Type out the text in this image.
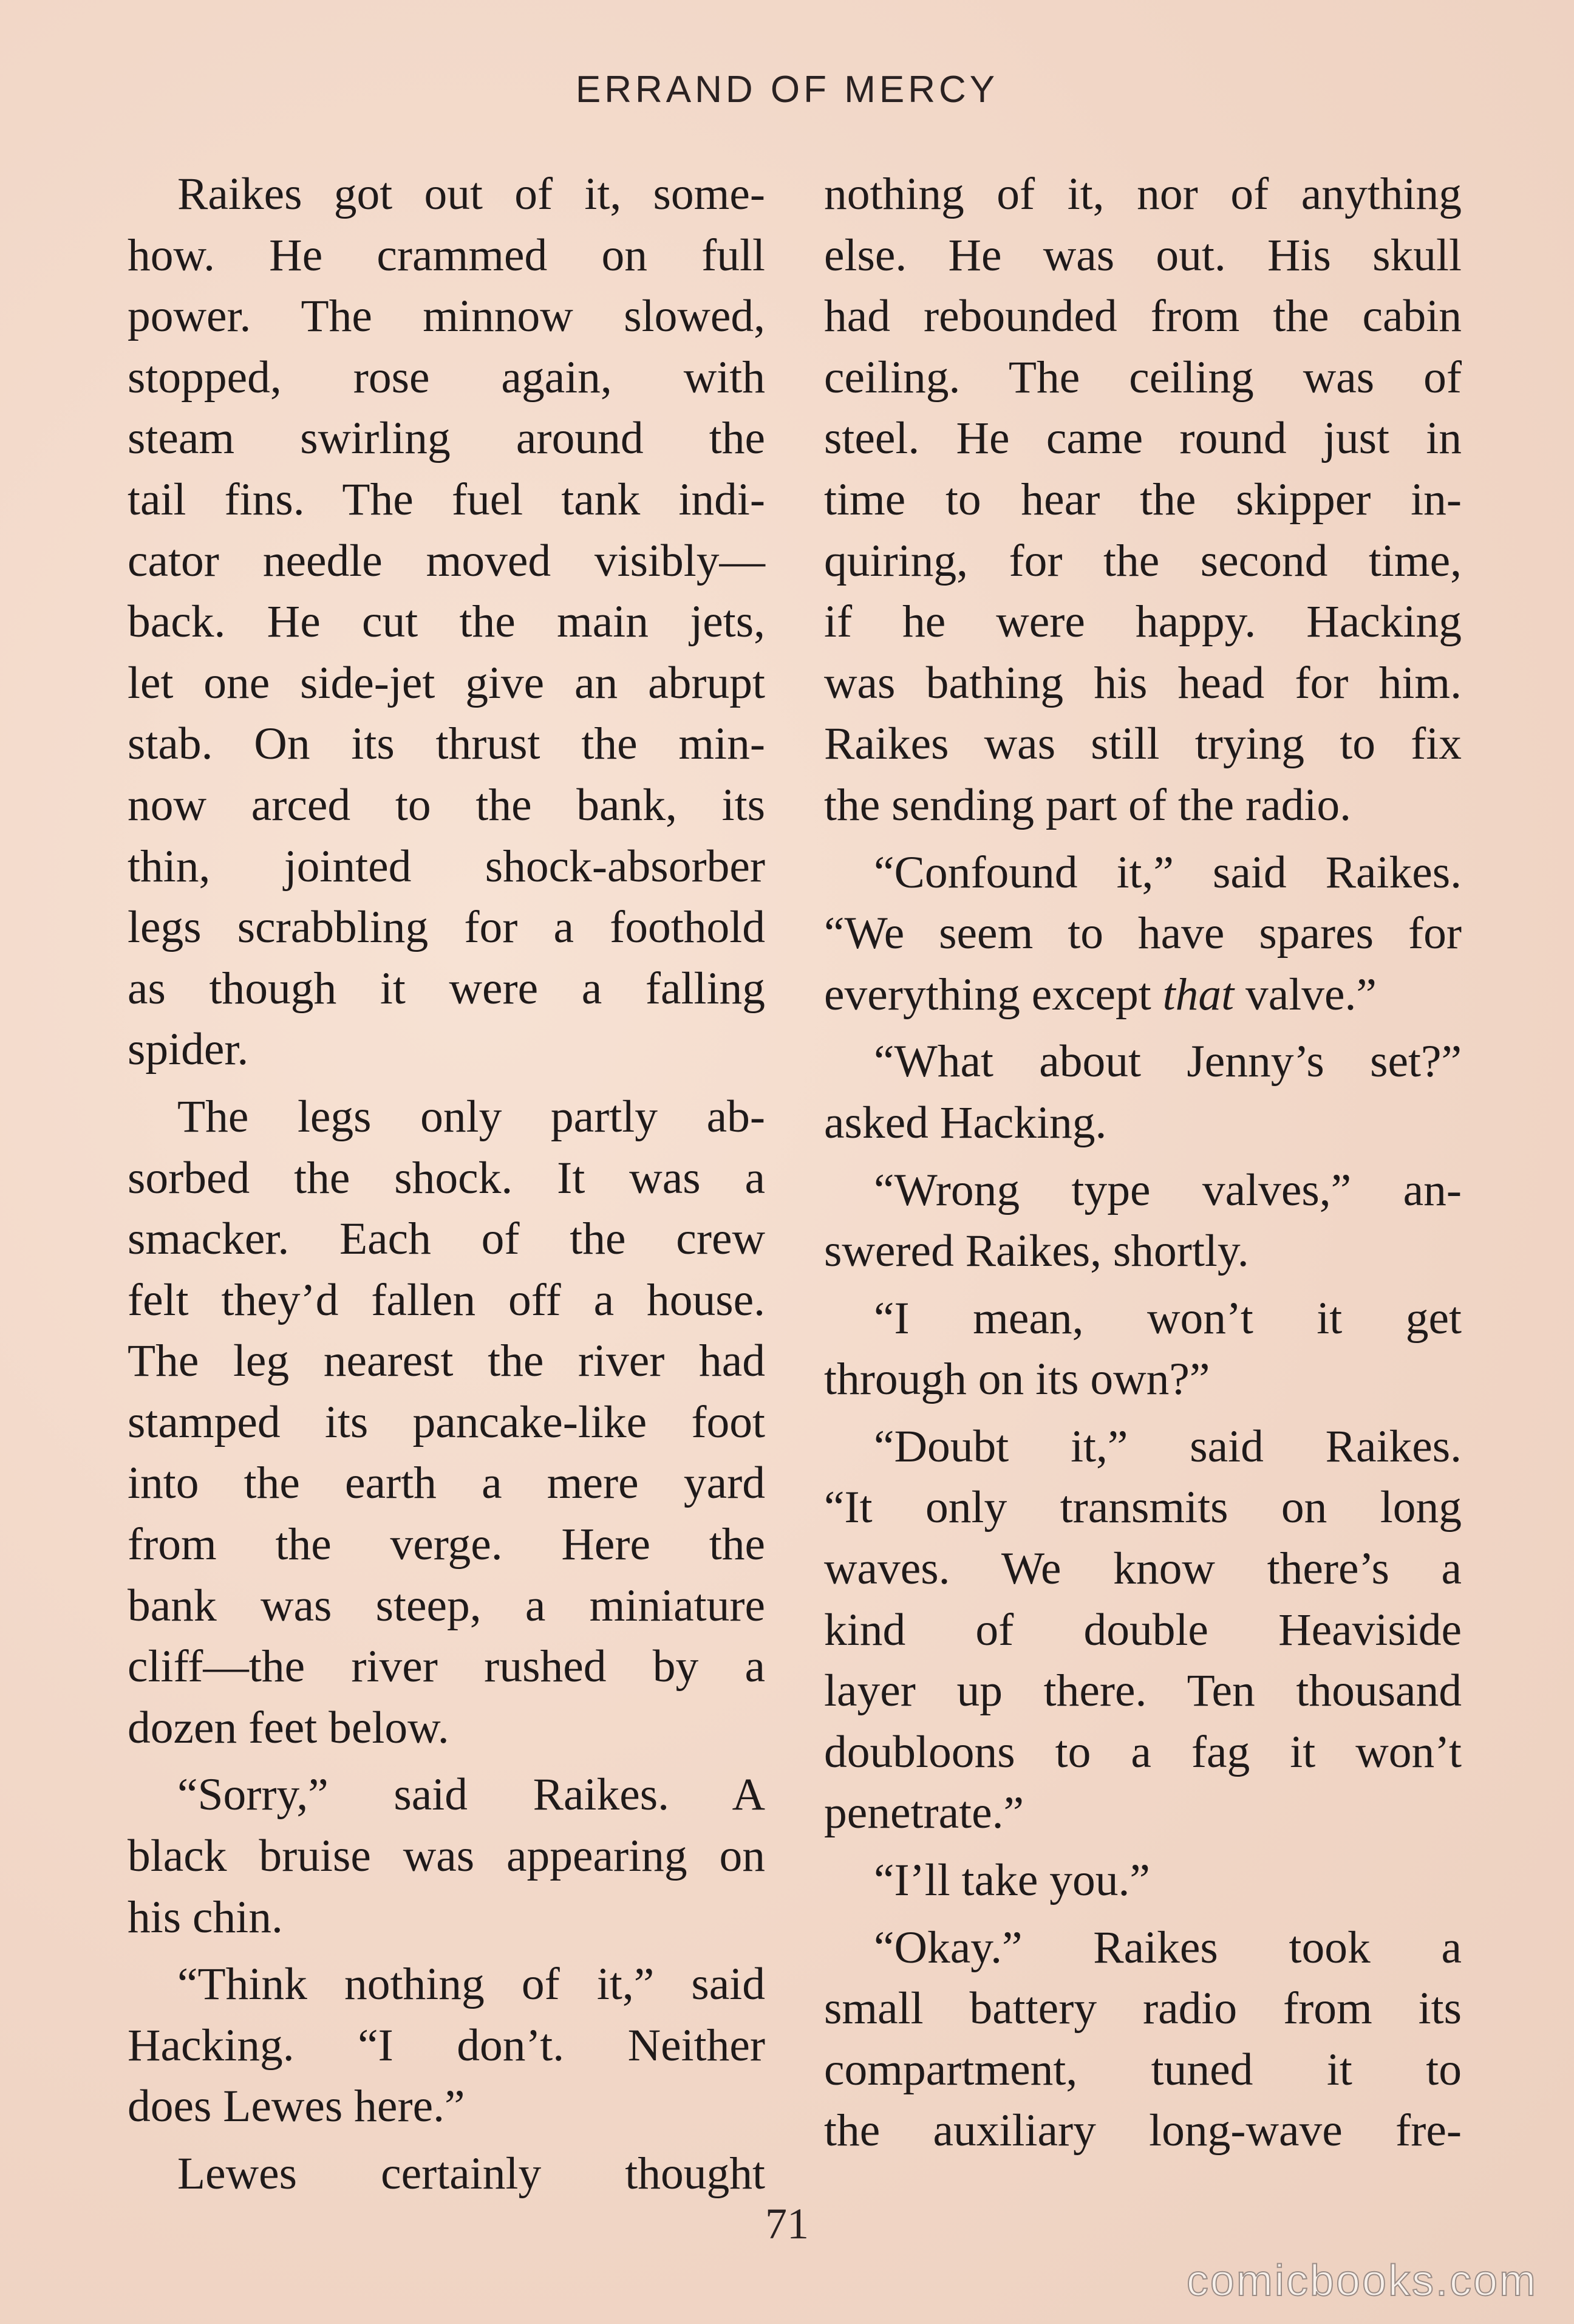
ERRAND OF MERCY

Raikes got out of it, some-
how. He crammed on full
power. The minnow slowed,
stopped, rose again, with
steam swirling around the
tail fins. The fuel tank indi-
cator needle moved visibly—
back. He cut the main jets,
let one side-jet give an abrupt
stab. On its thrust the min-
now arced to the bank, its
thin, jointed shock-absorber
legs scrabbling for a foothold
as though it were a falling
spider.

The legs only partly ab-
sorbed the shock. It was a
smacker. Each of the crew
felt they’d fallen off a house.
The leg nearest the river had
stamped its pancake-like foot
into the earth a mere yard
from the verge. Here the
bank was steep, a miniature
cliff—the river rushed by a
dozen feet below.

“Sorry,” said Raikes. A
black bruise was appearing on
his chin.

“Think nothing of it,” said
Hacking. “I don’t. Neither
does Lewes here.”

Lewes certainly thought

nothing of it, nor of anything
else. He was out. His skull
had rebounded from the cabin
ceiling. The ceiling was of
steel. He came round just in
time to hear the skipper in-
quiring, for the second time,
if he were happy. Hacking
was bathing his head for him.
Raikes was still trying to fix
the sending part of the radio.

“Confound it,” said Raikes.
“We seem to have spares for
everything except that valve.”

“What about Jenny’s set?”
asked Hacking.

“Wrong type valves,” an-
swered Raikes, shortly.

“I mean, won’t it get
through on its own?”

“Doubt it,” said Raikes.
“It only transmits on long
waves. We know there’s a
kind of double Heaviside
layer up there. Ten thousand
doubloons to a fag it won’t
penetrate.”

“I’ll take you.”

“Okay.” Raikes took a
small battery radio from its
compartment, tuned it to
the auxiliary long-wave fre-

71
comicbooks.com
